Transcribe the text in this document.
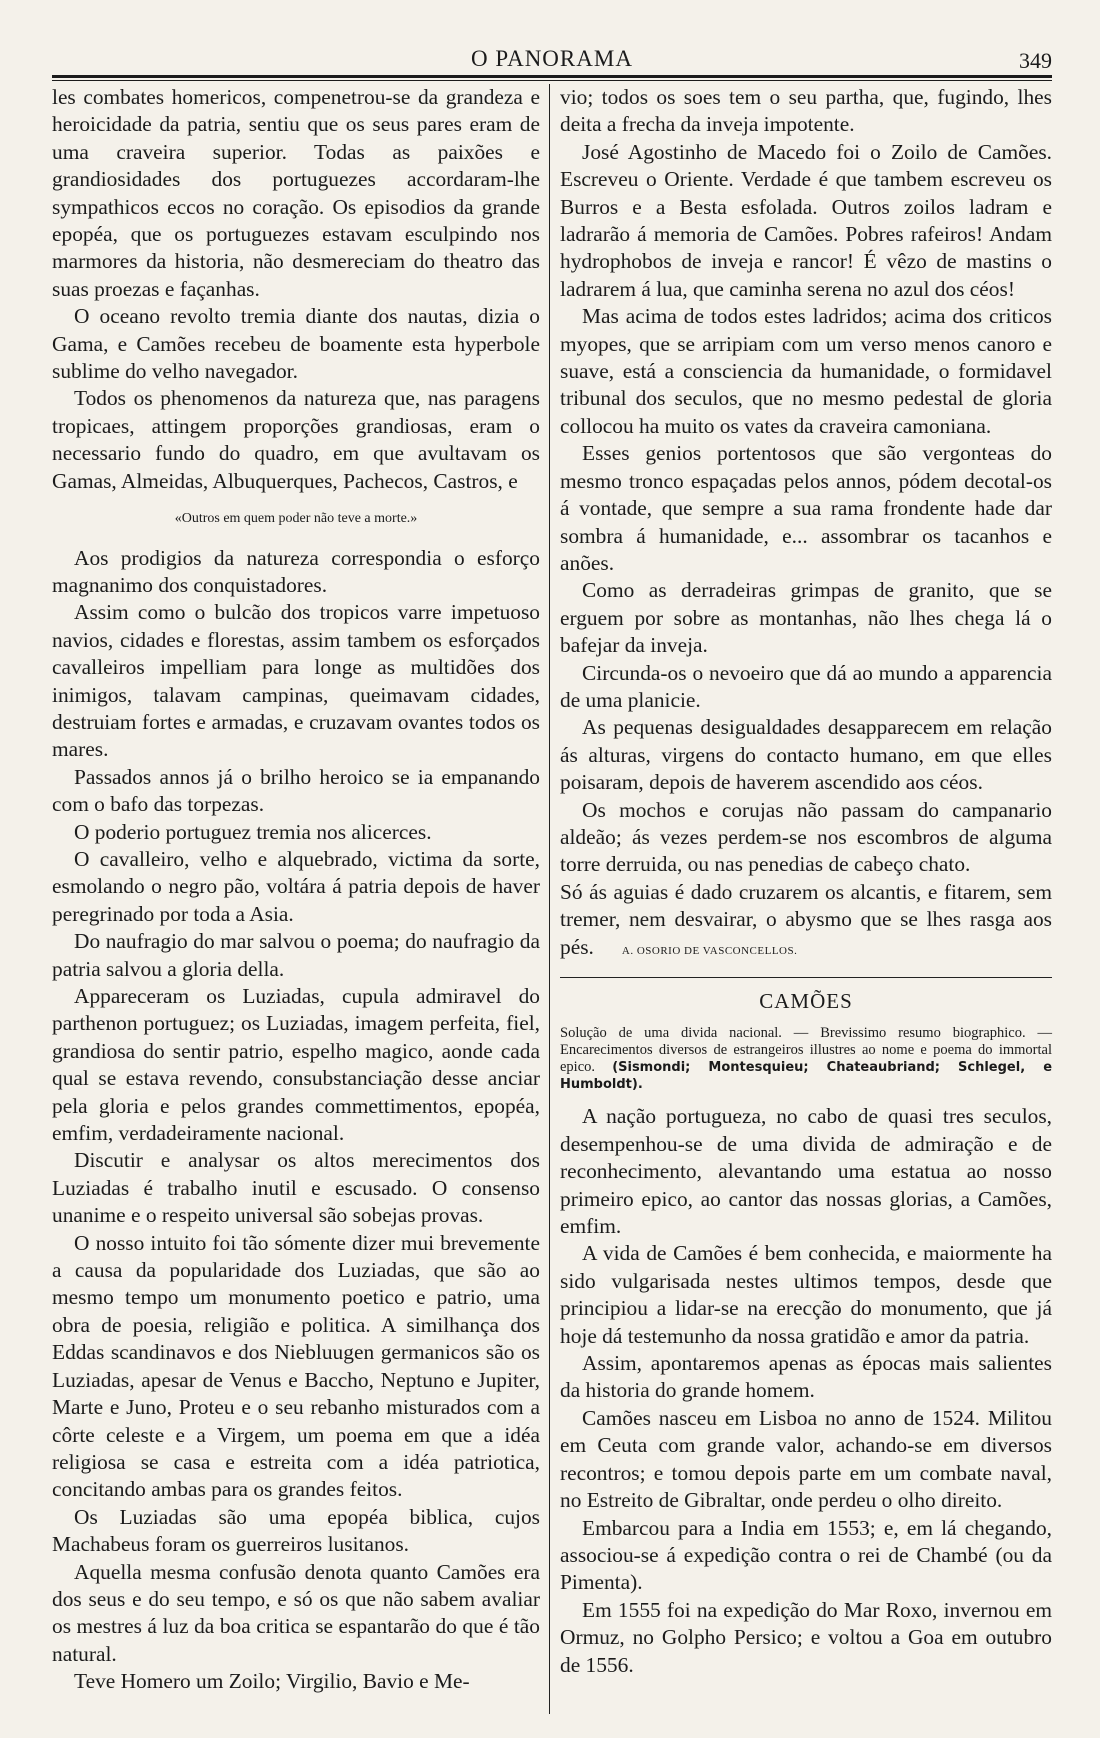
O PANORAMA	349

les combates homericos, compenetrou-se da grandeza e heroicidade da patria, sentiu que os seus pares eram de uma craveira superior. Todas as paixões e grandiosidades dos portuguezes accordaram-lhe sympathicos eccos no coração. Os episodios da grande epopéa, que os portuguezes estavam esculpindo nos marmores da historia, não desmereciam do theatro das suas proezas e façanhas.

O oceano revolto tremia diante dos nautas, dizia o Gama, e Camões recebeu de boamente esta hyperbole sublime do velho navegador.

Todos os phenomenos da natureza que, nas paragens tropicaes, attingem proporções grandiosas, eram o necessario fundo do quadro, em que avultavam os Gamas, Almeidas, Albuquerques, Pachecos, Castros, e

«Outros em quem poder não teve a morte.»

Aos prodigios da natureza correspondia o esforço magnanimo dos conquistadores.

Assim como o bulcão dos tropicos varre impetuoso navios, cidades e florestas, assim tambem os esforçados cavalleiros impelliam para longe as multidões dos inimigos, talavam campinas, queimavam cidades, destruiam fortes e armadas, e cruzavam ovantes todos os mares.

Passados annos já o brilho heroico se ia empanando com o bafo das torpezas.

O poderio portuguez tremia nos alicerces.

O cavalleiro, velho e alquebrado, victima da sorte, esmolando o negro pão, voltára á patria depois de haver peregrinado por toda a Asia.

Do naufragio do mar salvou o poema; do naufragio da patria salvou a gloria della.

Appareceram os Luziadas, cupula admiravel do parthenon portuguez; os Luziadas, imagem perfeita, fiel, grandiosa do sentir patrio, espelho magico, aonde cada qual se estava revendo, consubstanciação desse anciar pela gloria e pelos grandes commettimentos, epopéa, emfim, verdadeiramente nacional.

Discutir e analysar os altos merecimentos dos Luziadas é trabalho inutil e escusado. O consenso unanime e o respeito universal são sobejas provas.

O nosso intuito foi tão sómente dizer mui brevemente a causa da popularidade dos Luziadas, que são ao mesmo tempo um monumento poetico e patrio, uma obra de poesia, religião e politica. A similhança dos Eddas scandinavos e dos Niebluugen germanicos são os Luziadas, apesar de Venus e Baccho, Neptuno e Jupiter, Marte e Juno, Proteu e o seu rebanho misturados com a côrte celeste e a Virgem, um poema em que a idéa religiosa se casa e estreita com a idéa patriotica, concitando ambas para os grandes feitos.

Os Luziadas são uma epopéa biblica, cujos Machabeus foram os guerreiros lusitanos.

Aquella mesma confusão denota quanto Camões era dos seus e do seu tempo, e só os que não sabem avaliar os mestres á luz da boa critica se espantarão do que é tão natural.

Teve Homero um Zoilo; Virgilio, Bavio e Me-

vio; todos os soes tem o seu partha, que, fugindo, lhes deita a frecha da inveja impotente.

José Agostinho de Macedo foi o Zoilo de Camões. Escreveu o Oriente. Verdade é que tambem escreveu os Burros e a Besta esfolada. Outros zoilos ladram e ladrarão á memoria de Camões. Pobres rafeiros! Andam hydrophobos de inveja e rancor! É vêzo de mastins o ladrarem á lua, que caminha serena no azul dos céos!

Mas acima de todos estes ladridos; acima dos criticos myopes, que se arripiam com um verso menos canoro e suave, está a consciencia da humanidade, o formidavel tribunal dos seculos, que no mesmo pedestal de gloria collocou ha muito os vates da craveira camoniana.

Esses genios portentosos que são vergonteas do mesmo tronco espaçadas pelos annos, pódem decotal-os á vontade, que sempre a sua rama frondente hade dar sombra á humanidade, e... assombrar os tacanhos e anões.

Como as derradeiras grimpas de granito, que se erguem por sobre as montanhas, não lhes chega lá o bafejar da inveja.

Circunda-os o nevoeiro que dá ao mundo a apparencia de uma planicie.

As pequenas desigualdades desapparecem em relação ás alturas, virgens do contacto humano, em que elles poisaram, depois de haverem ascendido aos céos.

Os mochos e corujas não passam do campanario aldeão; ás vezes perdem-se nos escombros de alguma torre derruida, ou nas penedias de cabeço chato.

Só ás aguias é dado cruzarem os alcantis, e fitarem, sem tremer, nem desvairar, o abysmo que se lhes rasga aos pés.	A. OSORIO DE VASCONCELLOS.

CAMÕES
Solução de uma divida nacional. — Brevissimo resumo biographico. — Encarecimentos diversos de estrangeiros illustres ao nome e poema do immortal epico. (Sismondi; Montesquieu; Chateaubriand; Schlegel, e Humboldt).

A nação portugueza, no cabo de quasi tres seculos, desempenhou-se de uma divida de admiração e de reconhecimento, alevantando uma estatua ao nosso primeiro epico, ao cantor das nossas glorias, a Camões, emfim.

A vida de Camões é bem conhecida, e maiormente ha sido vulgarisada nestes ultimos tempos, desde que principiou a lidar-se na erecção do monumento, que já hoje dá testemunho da nossa gratidão e amor da patria.

Assim, apontaremos apenas as épocas mais salientes da historia do grande homem.

Camões nasceu em Lisboa no anno de 1524. Militou em Ceuta com grande valor, achando-se em diversos recontros; e tomou depois parte em um combate naval, no Estreito de Gibraltar, onde perdeu o olho direito.

Embarcou para a India em 1553; e, em lá chegando, associou-se á expedição contra o rei de Chambé (ou da Pimenta).

Em 1555 foi na expedição do Mar Roxo, invernou em Ormuz, no Golpho Persico; e voltou a Goa em outubro de 1556.
